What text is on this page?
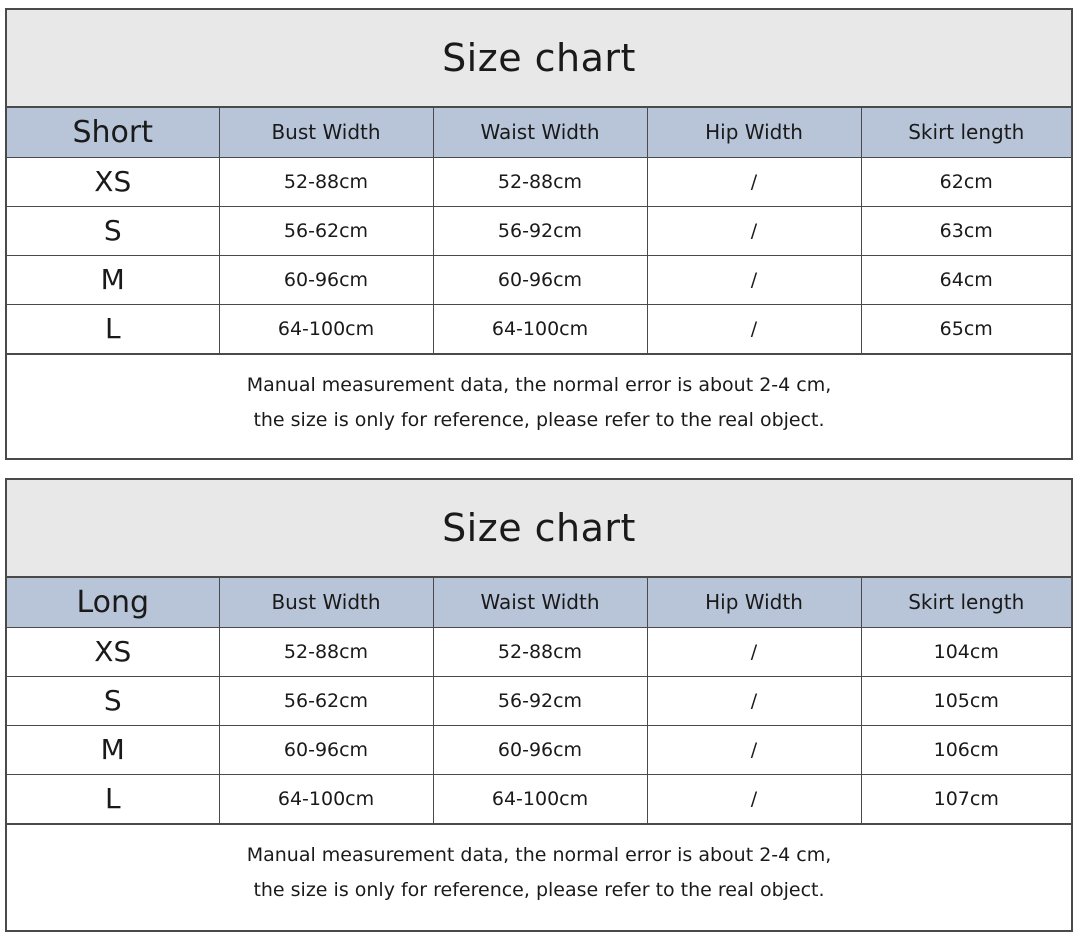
Size chart
Short	Bust Width	Waist Width	Hip Width	Skirt length
XS	52-88cm	52-88cm	/	62cm
S	56-62cm	56-92cm	/	63cm
M	60-96cm	60-96cm	/	64cm
L	64-100cm	64-100cm	/	65cm
Manual measurement data, the normal error is about 2-4 cm,
the size is only for reference, please refer to the real object.
Size chart
Long	Bust Width	Waist Width	Hip Width	Skirt length
XS	52-88cm	52-88cm	/	104cm
S	56-62cm	56-92cm	/	105cm
M	60-96cm	60-96cm	/	106cm
L	64-100cm	64-100cm	/	107cm
Manual measurement data, the normal error is about 2-4 cm,
the size is only for reference, please refer to the real object.
